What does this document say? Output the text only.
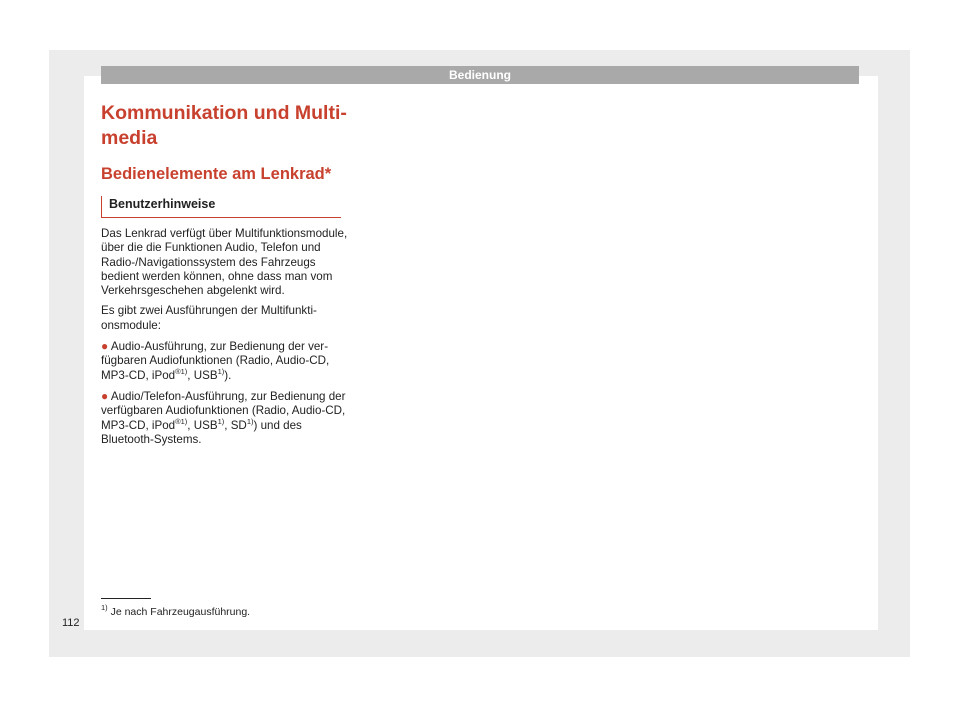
Bedienung
Kommunikation und Multimedia
Bedienelemente am Lenkrad*
Benutzerhinweise

Das Lenkrad verfügt über Multifunktionsmodule, über die die Funktionen Audio, Telefon und Radio-/Navigationssystem des Fahrzeugs bedient werden können, ohne dass man vom Verkehrsgeschehen abgelenkt wird.

Es gibt zwei Ausführungen der Multifunktionsmodule:

● Audio-Ausführung, zur Bedienung der verfügbaren Audiofunktionen (Radio, Audio-CD, MP3-CD, iPod$^{®1)}$, USB$^{1)}$).

● Audio/Telefon-Ausführung, zur Bedienung der verfügbaren Audiofunktionen (Radio, Audio-CD, MP3-CD, iPod$^{®1)}$, USB$^{1)}$, SD$^{1)}$) und des Bluetooth-Systems.

$^{1)}$ Je nach Fahrzeugausführung.
112
